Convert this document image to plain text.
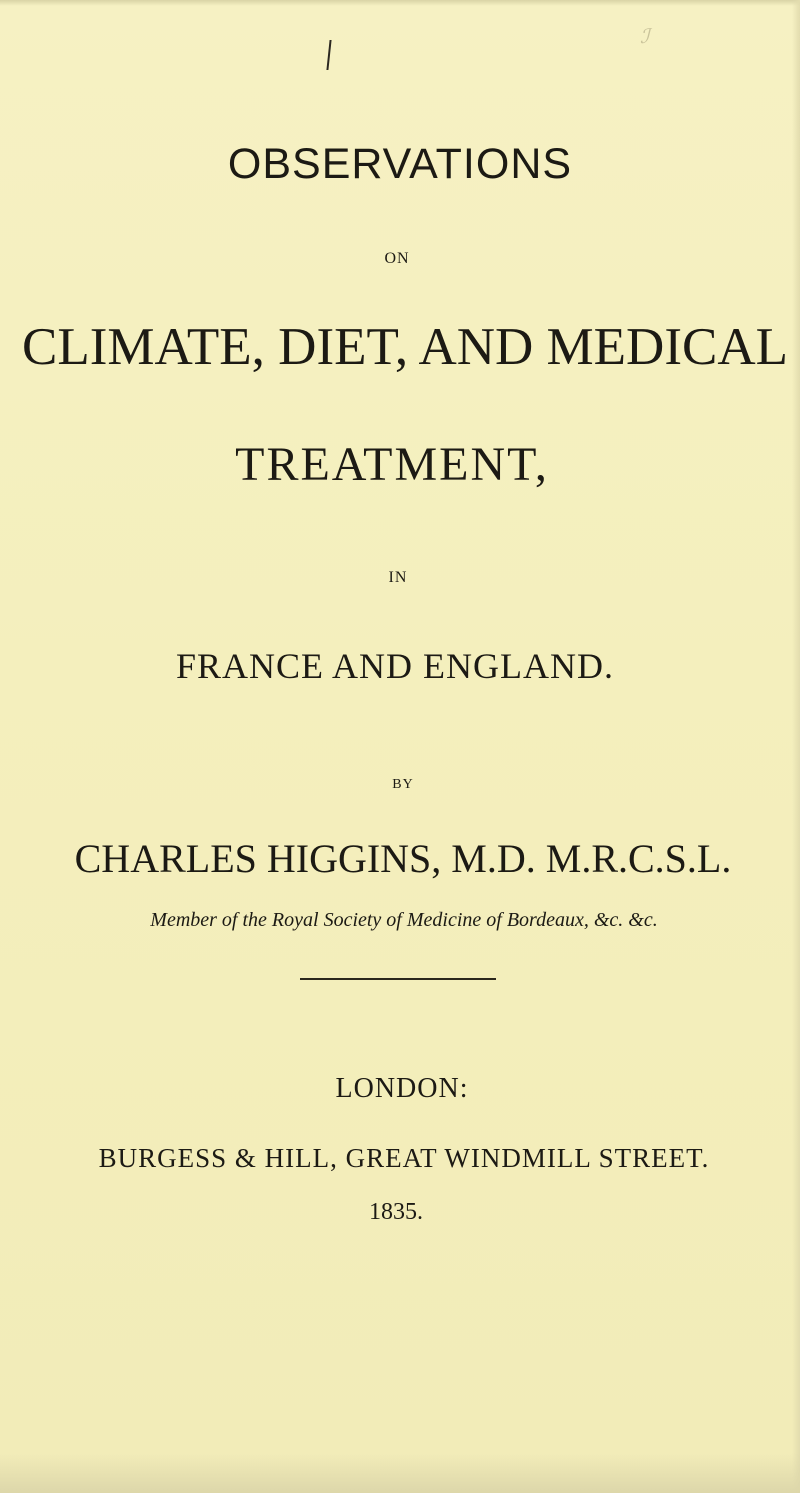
ℐ
OBSERVATIONS
ON
CLIMATE, DIET, AND MEDICAL
TREATMENT,
IN
FRANCE AND ENGLAND.
BY
CHARLES HIGGINS, M.D. M.R.C.S.L.
Member of the Royal Society of Medicine of Bordeaux, &c. &c.
LONDON:
BURGESS & HILL, GREAT WINDMILL STREET.
1835.
